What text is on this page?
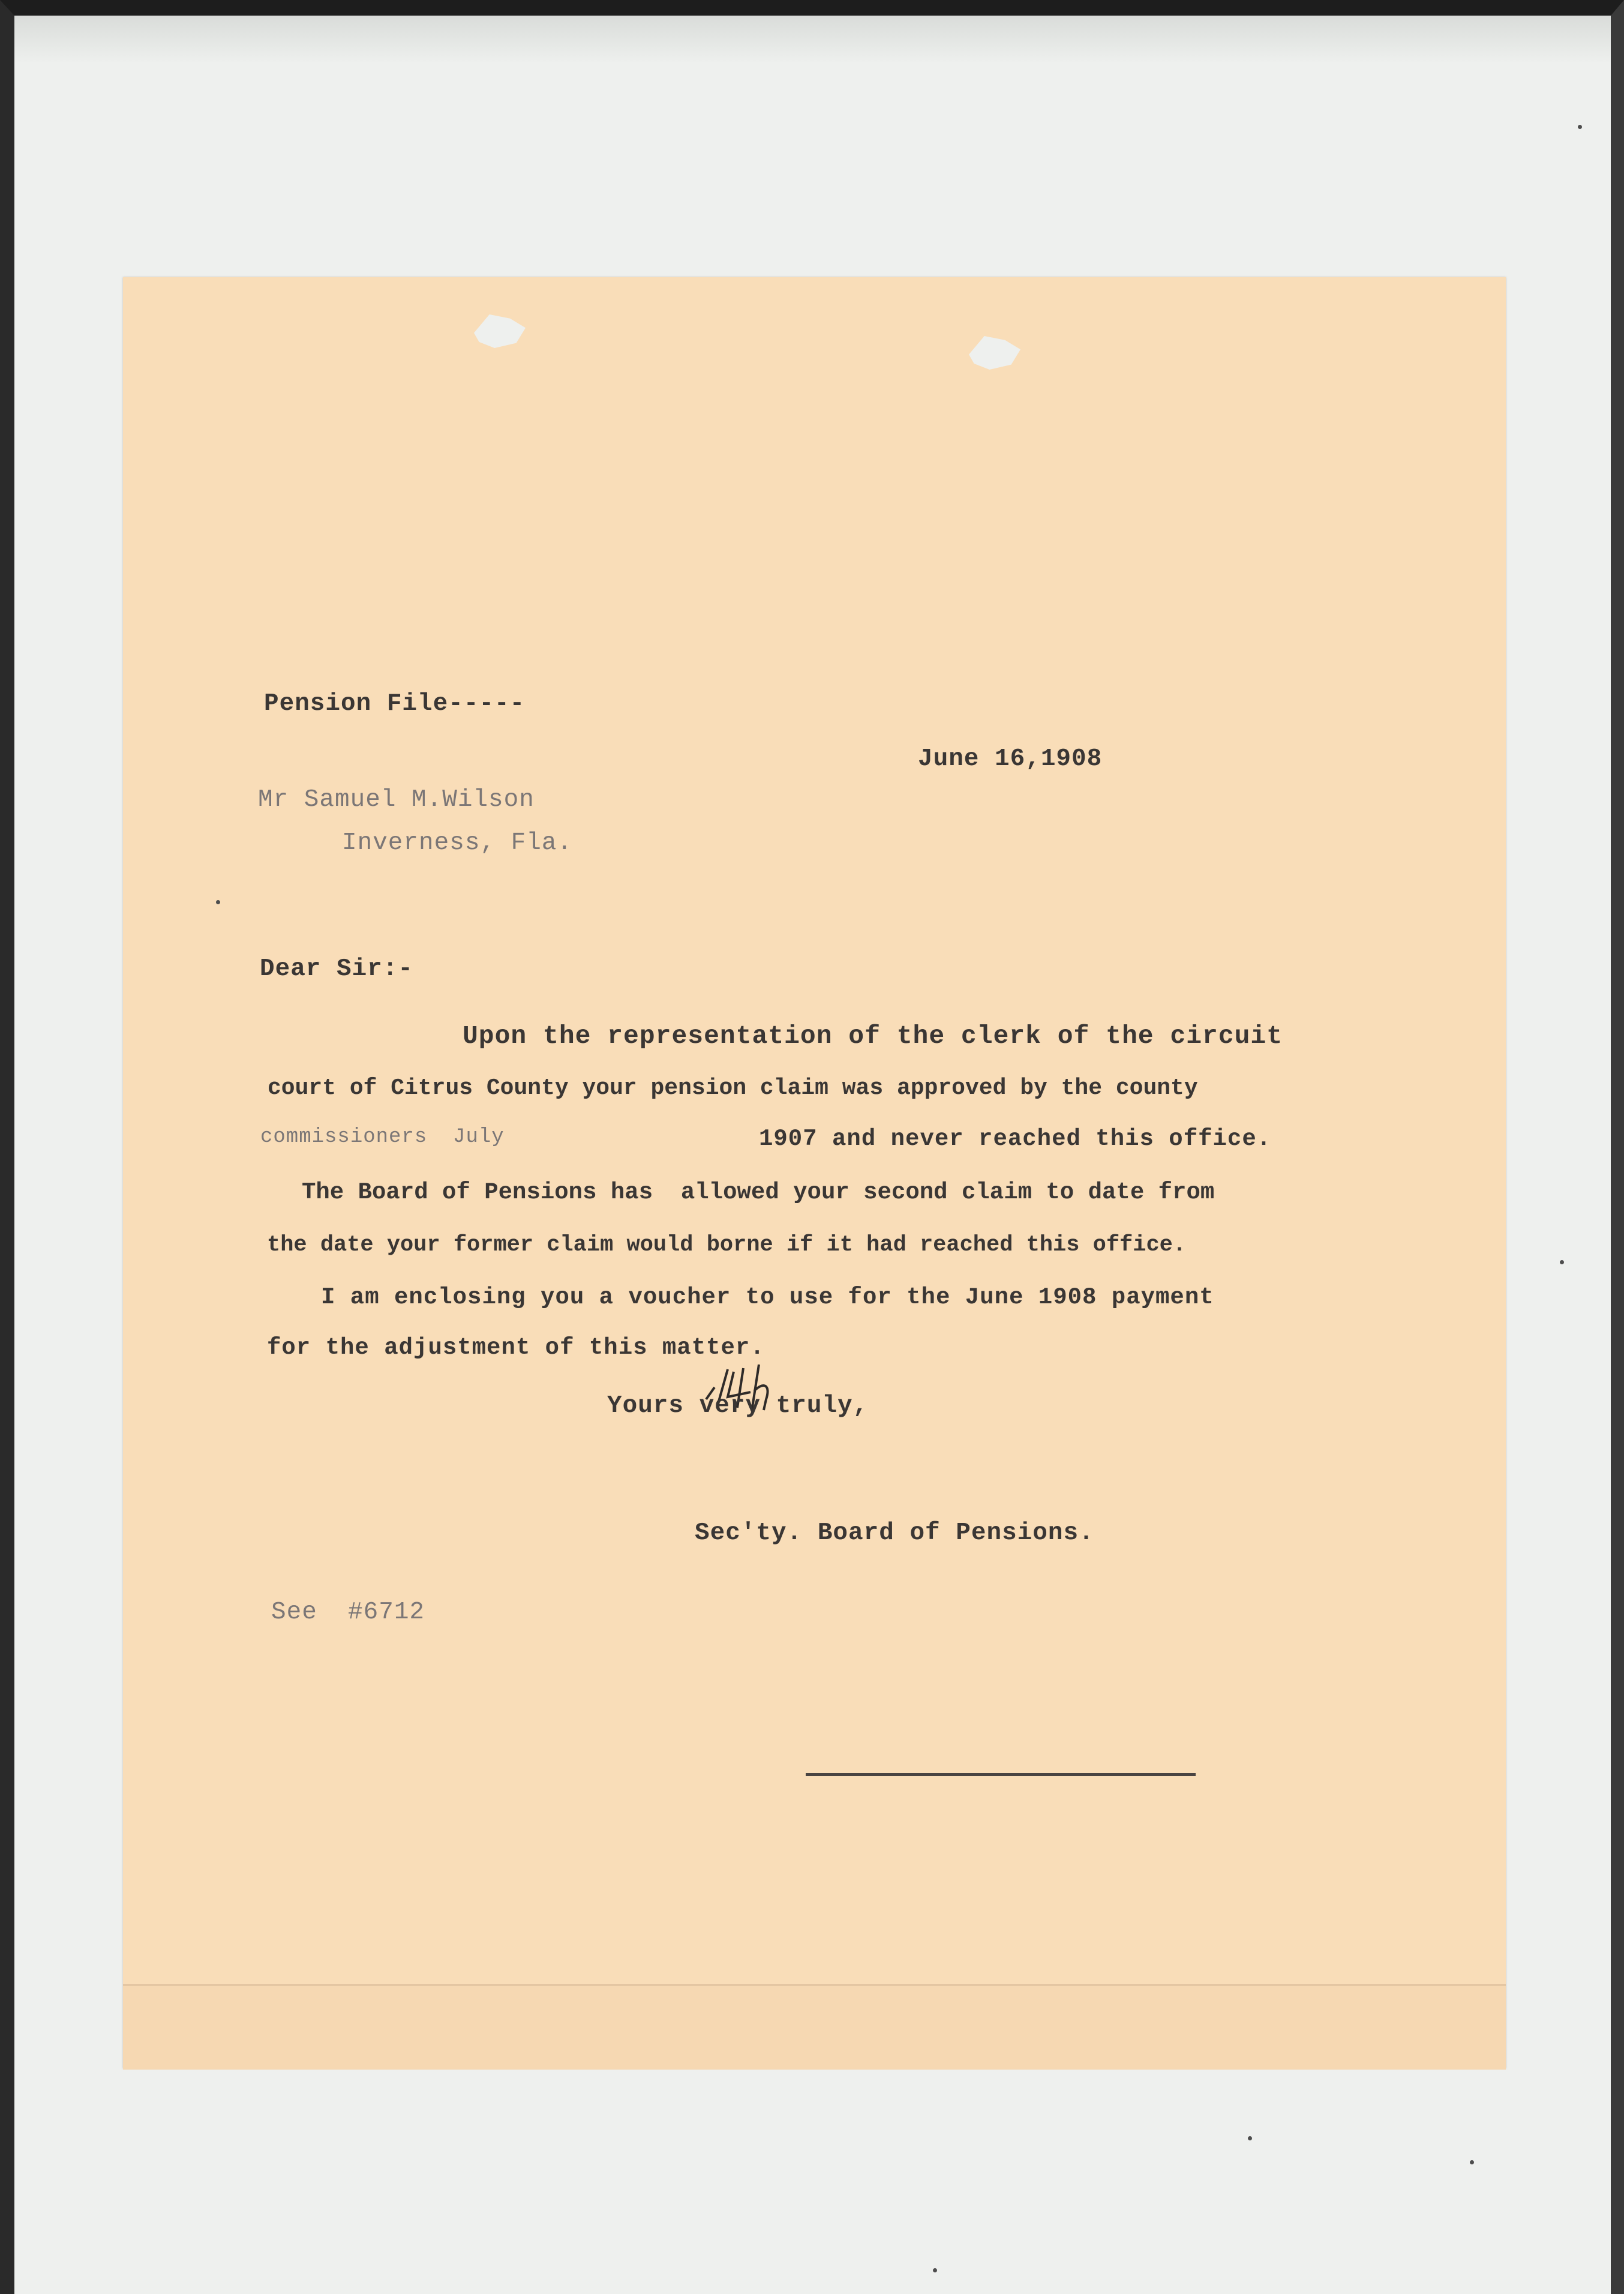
Pension File-----
June 16,1908
Mr Samuel M.Wilson
Inverness, Fla.
Dear Sir:-
Upon the representation of the clerk of the circuit
court of Citrus County your pension claim was approved by the county
commissioners  July	1907 and never reached this office.
The Board of Pensions has  allowed your second claim to date from
the date your former claim would borne if it had reached this office.
I am enclosing you a voucher to use for the June 1908 payment
for the adjustment of this matter.
Yours very truly,
Sec'ty. Board of Pensions.
See  #6712
